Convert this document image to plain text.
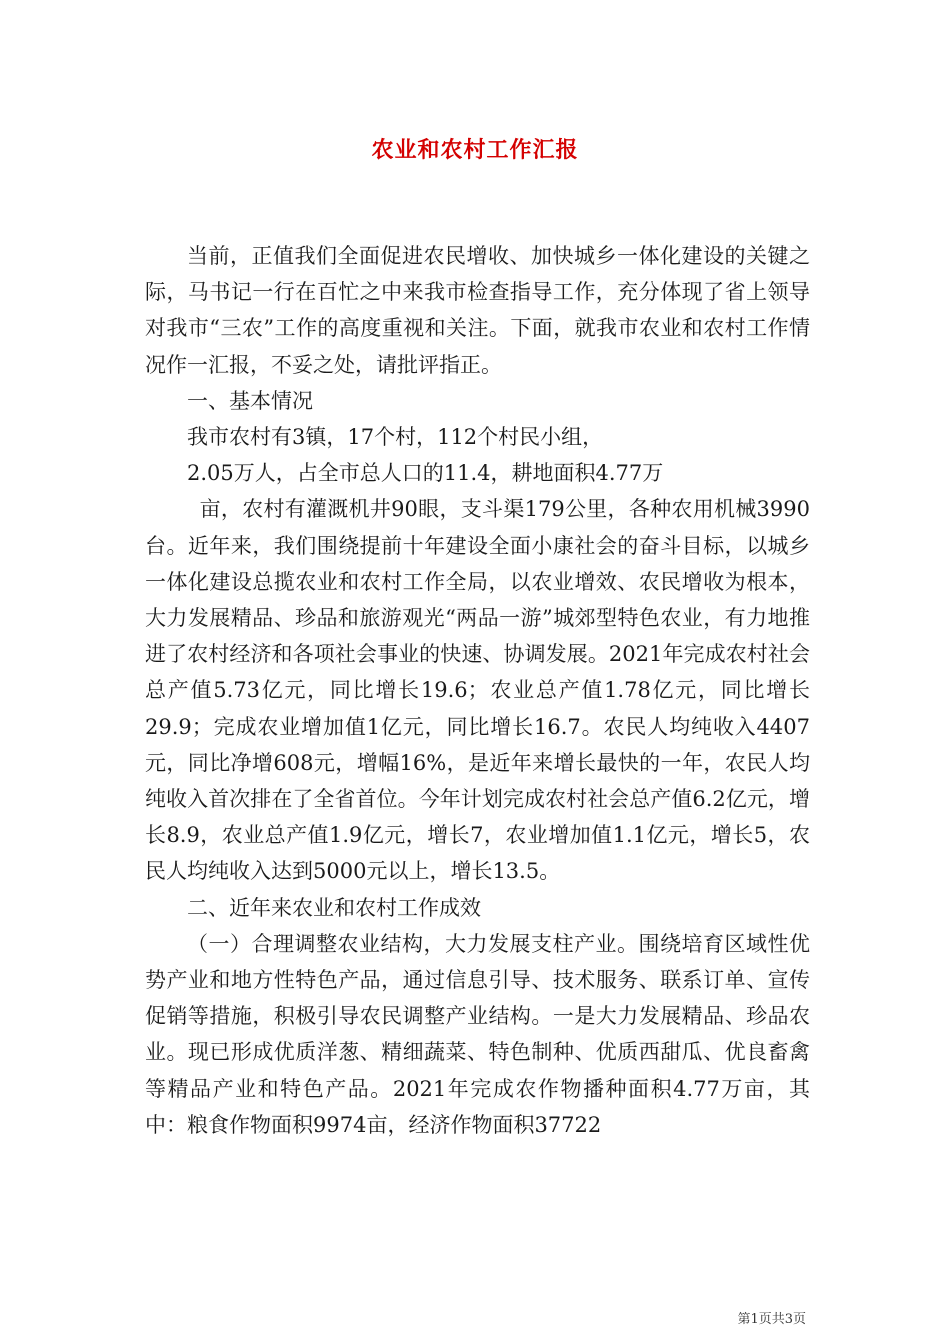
农业和农村工作汇报

当前，正值我们全面促进农民增收、加快城乡一体化建设的关键之际，马书记一行在百忙之中来我市检查指导工作，充分体现了省上领导对我市“三农”工作的高度重视和关注。下面，就我市农业和农村工作情况作一汇报，不妥之处，请批评指正。

一、基本情况

我市农村有3镇，17个村，112个村民小组，

2.05万人，占全市总人口的11.4，耕地面积4.77万

亩，农村有灌溉机井90眼，支斗渠179公里，各种农用机械3990台。近年来，我们围绕提前十年建设全面小康社会的奋斗目标，以城乡一体化建设总揽农业和农村工作全局，以农业增效、农民增收为根本，大力发展精品、珍品和旅游观光“两品一游”城郊型特色农业，有力地推进了农村经济和各项社会事业的快速、协调发展。2021年完成农村社会总产值5.73亿元，同比增长19.6；农业总产值1.78亿元，同比增长29.9；完成农业增加值1亿元，同比增长16.7。农民人均纯收入4407元，同比净增608元，增幅16%，是近年来增长最快的一年，农民人均纯收入首次排在了全省首位。今年计划完成农村社会总产值6.2亿元，增长8.9，农业总产值1.9亿元，增长7，农业增加值1.1亿元，增长5，农民人均纯收入达到5000元以上，增长13.5。

二、近年来农业和农村工作成效

（一）合理调整农业结构，大力发展支柱产业。围绕培育区域性优势产业和地方性特色产品，通过信息引导、技术服务、联系订单、宣传促销等措施，积极引导农民调整产业结构。一是大力发展精品、珍品农业。现已形成优质洋葱、精细蔬菜、特色制种、优质西甜瓜、优良畜禽等精品产业和特色产品。2021年完成农作物播种面积4.77万亩，其中：粮食作物面积9974亩，经济作物面积37722

第1页共3页
